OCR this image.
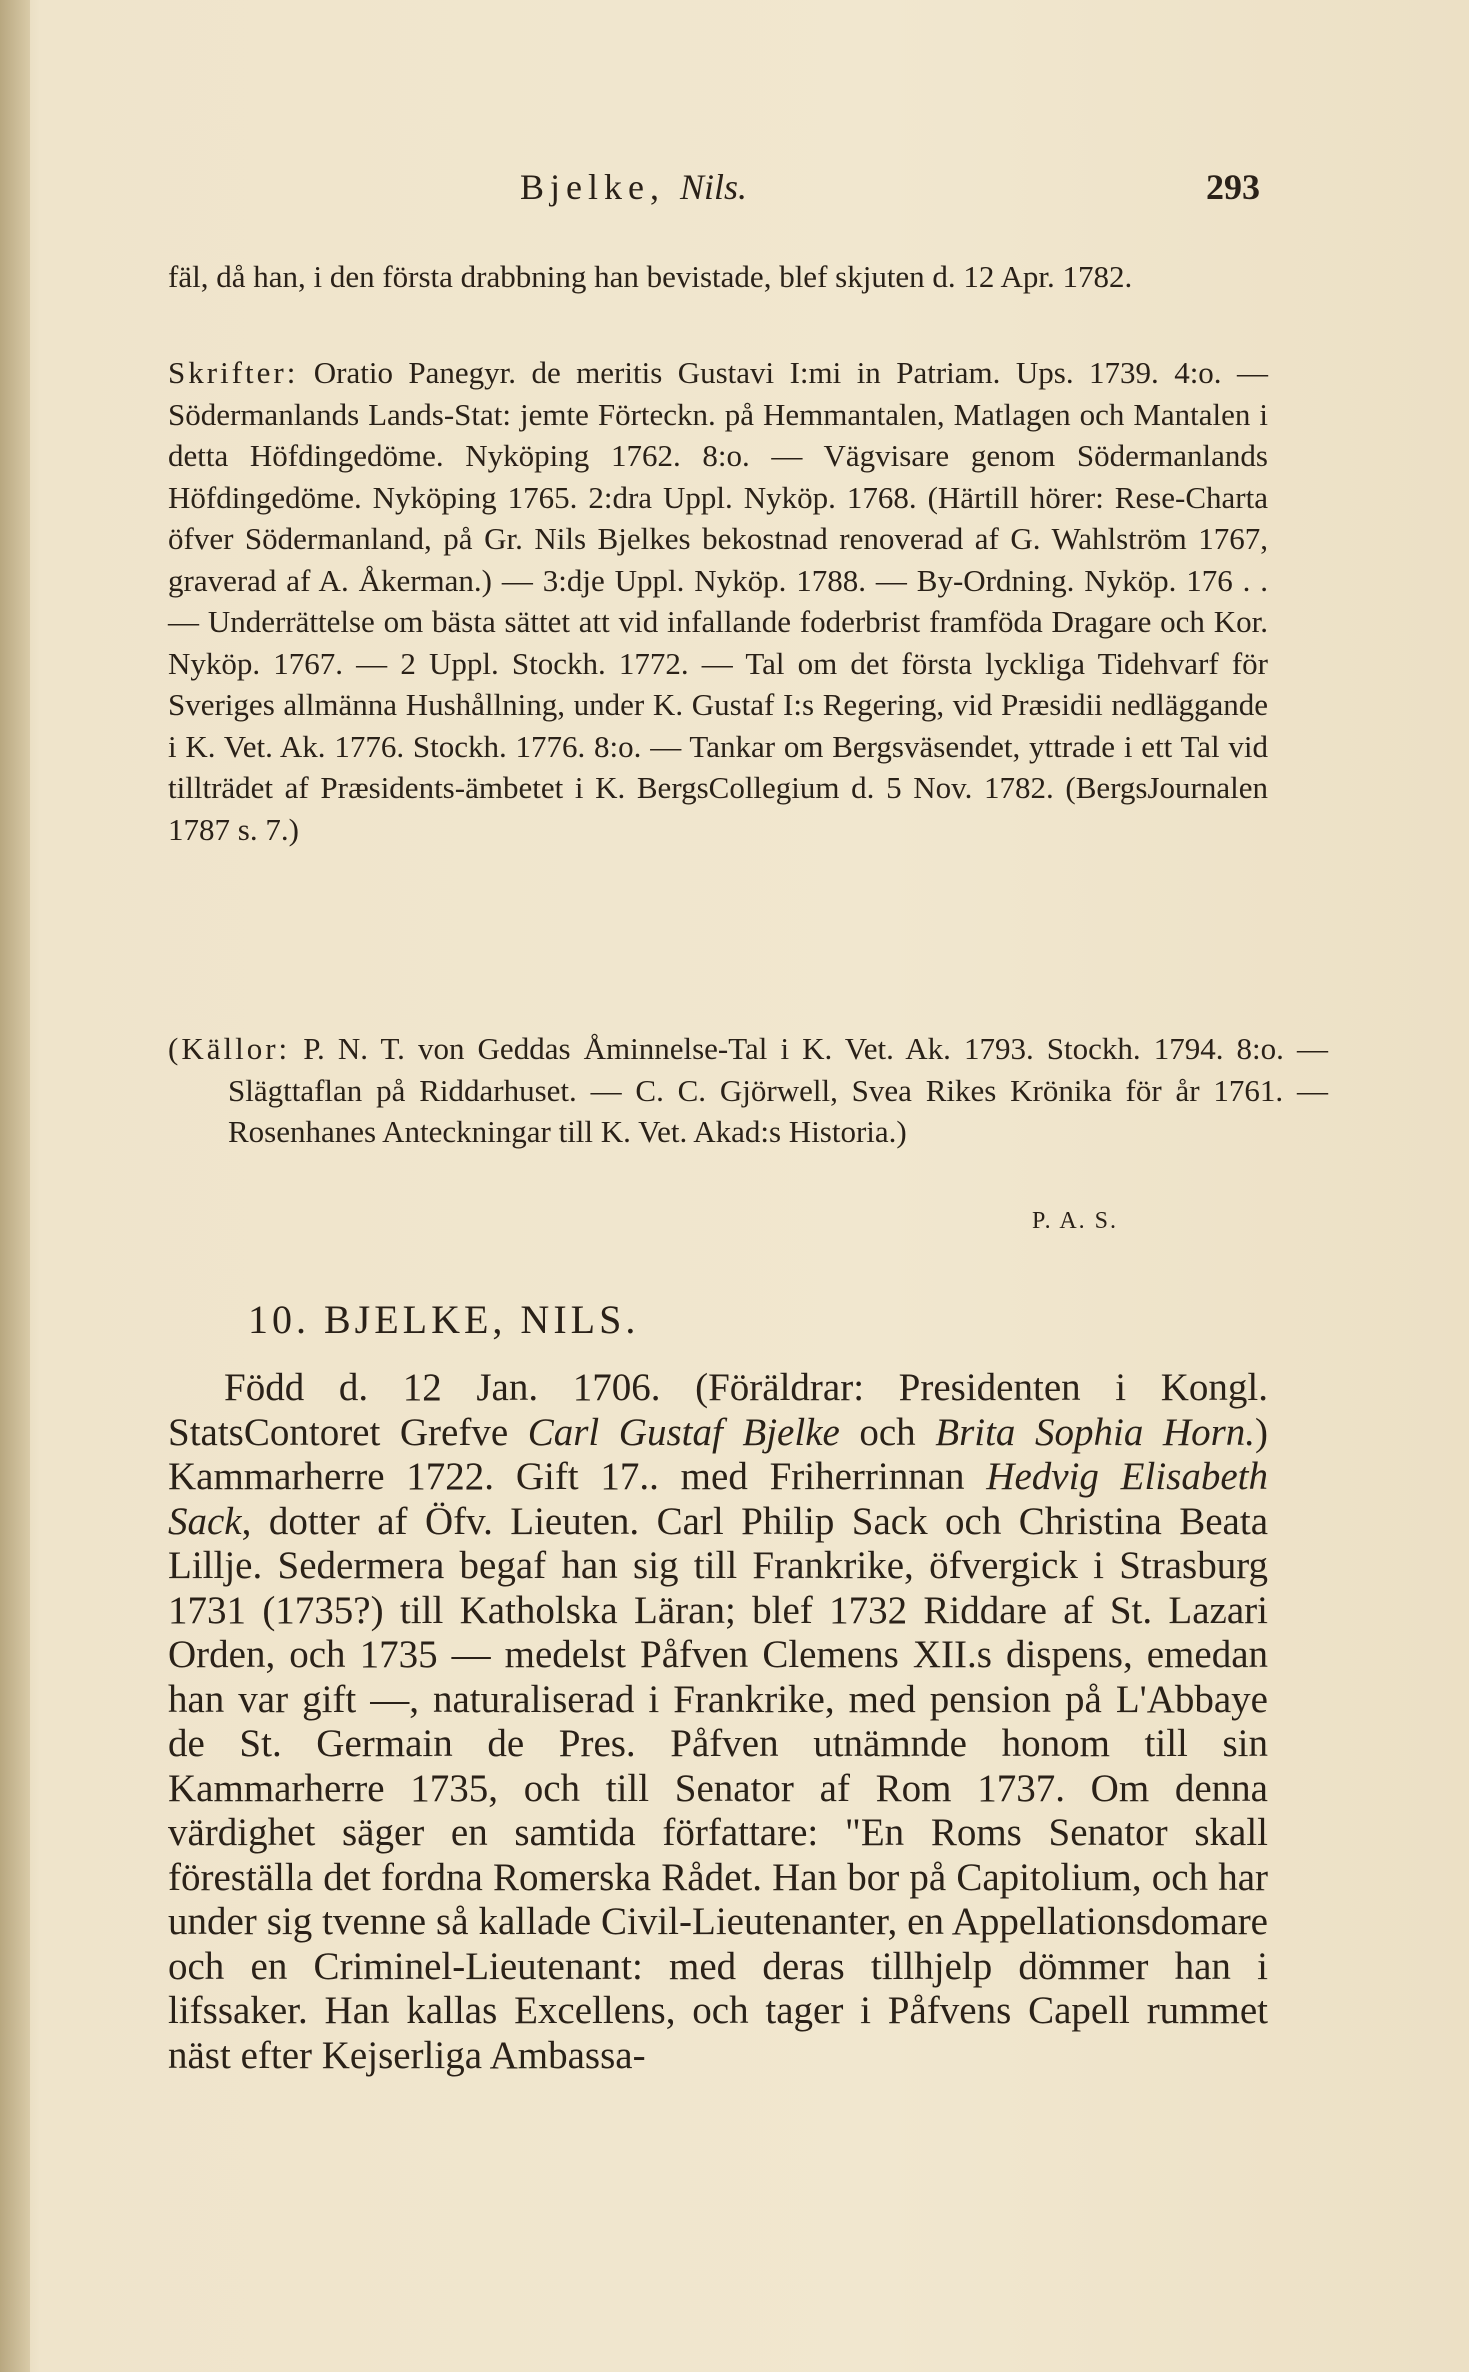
Bjelke, Nils.	293

fäl, då han, i den första drabbning han bevistade, blef skjuten d. 12 Apr. 1782.

Skrifter: Oratio Panegyr. de meritis Gustavi I:mi in Patriam. Ups. 1739. 4:o. — Södermanlands Lands-Stat: jemte Förteckn. på Hemmantalen, Matlagen och Mantalen i detta Höfdingedöme. Nyköping 1762. 8:o. — Vägvisare genom Södermanlands Höfdingedöme. Nyköping 1765. 2:dra Uppl. Nyköp. 1768. (Härtill hörer: Rese-Charta öfver Södermanland, på Gr. Nils Bjelkes bekostnad renoverad af G. Wahlström 1767, graverad af A. Åkerman.) — 3:dje Uppl. Nyköp. 1788. — By-Ordning. Nyköp. 176 . . — Underrättelse om bästa sättet att vid infallande foderbrist framföda Dragare och Kor. Nyköp. 1767. — 2 Uppl. Stockh. 1772. — Tal om det första lyckliga Tidehvarf för Sveriges allmänna Hushållning, under K. Gustaf I:s Regering, vid Præsidii nedläggande i K. Vet. Ak. 1776. Stockh. 1776. 8:o. — Tankar om Bergsväsendet, yttrade i ett Tal vid tillträdet af Præsidents-ämbetet i K. BergsCollegium d. 5 Nov. 1782. (BergsJournalen 1787 s. 7.)

(Källor: P. N. T. von Geddas Åminnelse-Tal i K. Vet. Ak. 1793. Stockh. 1794. 8:o. — Slägttaflan på Riddarhuset. — C. C. Gjörwell, Svea Rikes Krönika för år 1761. — Rosenhanes Anteckningar till K. Vet. Akad:s Historia.)

P. A. S.
10. BJELKE, NILS.

Född d. 12 Jan. 1706. (Föräldrar: Presidenten i Kongl. StatsContoret Grefve Carl Gustaf Bjelke och Brita Sophia Horn.) Kammarherre 1722. Gift 17.. med Friherrinnan Hedvig Elisabeth Sack, dotter af Öfv. Lieuten. Carl Philip Sack och Christina Beata Lillje. Sedermera begaf han sig till Frankrike, öfvergick i Strasburg 1731 (1735?) till Katholska Läran; blef 1732 Riddare af St. Lazari Orden, och 1735 — medelst Påfven Clemens XII.s dispens, emedan han var gift —, naturaliserad i Frankrike, med pension på L'Abbaye de St. Germain de Pres. Påfven utnämnde honom till sin Kammarherre 1735, och till Senator af Rom 1737. Om denna värdighet säger en samtida författare: "En Roms Senator skall föreställa det fordna Romerska Rådet. Han bor på Capitolium, och har under sig tvenne så kallade Civil-Lieutenanter, en Appellationsdomare och en Criminel-Lieutenant: med deras tillhjelp dömmer han i lifssaker. Han kallas Excellens, och tager i Påfvens Capell rummet näst efter Kejserliga Ambassa-
